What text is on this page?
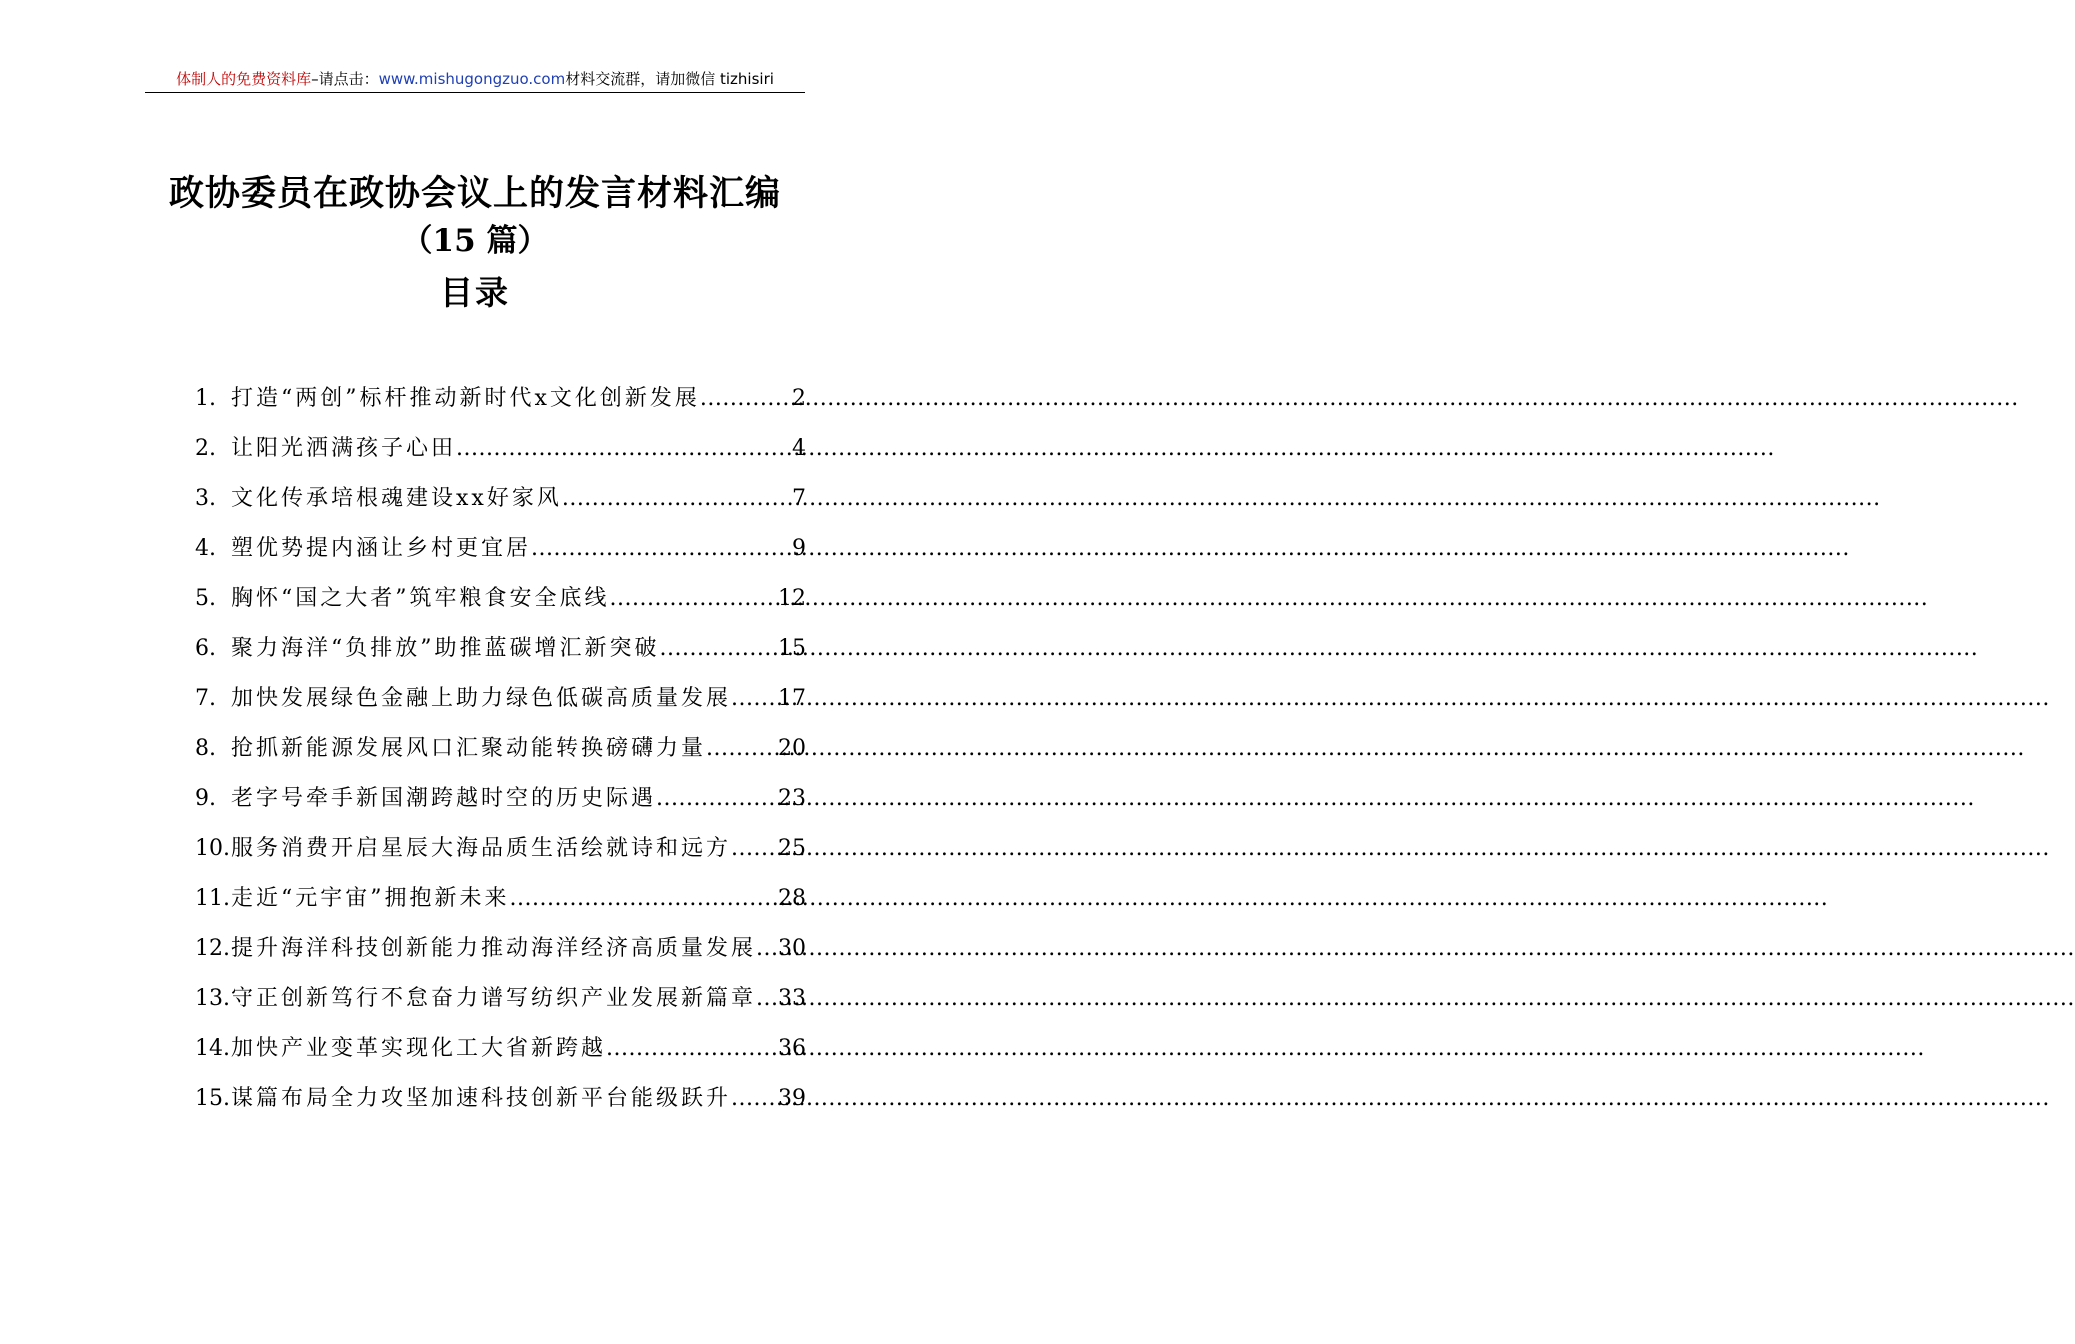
体制人的免费资料库–请点击：www.mishugongzuo.com材料交流群，请加微信 tizhisiri
政协委员在政协会议上的发言材料汇编
（15 篇）
目录
1. 打造“两创”标杆推动新时代x文化创新发展 .....	2
2. 让阳光洒满孩子心田 .....	4
3. 文化传承培根魂建设xx好家风 .....	7
4. 塑优势提内涵让乡村更宜居 .....	9
5. 胸怀“国之大者”筑牢粮食安全底线 .....	12
6. 聚力海洋“负排放”助推蓝碳增汇新突破 .....	15
7. 加快发展绿色金融上助力绿色低碳高质量发展 ..... 17
8. 抢抓新能源发展风口汇聚动能转换磅礴力量 .....	20
9. 老字号牵手新国潮跨越时空的历史际遇 .....	23
10. 服务消费开启星辰大海品质生活绘就诗和远方 ..... 25
11. 走近“元宇宙”拥抱新未来 .....	28
12. 提升海洋科技创新能力推动海洋经济高质量发展 ..... 30
13. 守正创新笃行不怠奋力谱写纺织产业发展新篇章 ..... 33
14. 加快产业变革实现化工大省新跨越 .....	36
15. 谋篇布局全力攻坚加速科技创新平台能级跃升 ..... 39
